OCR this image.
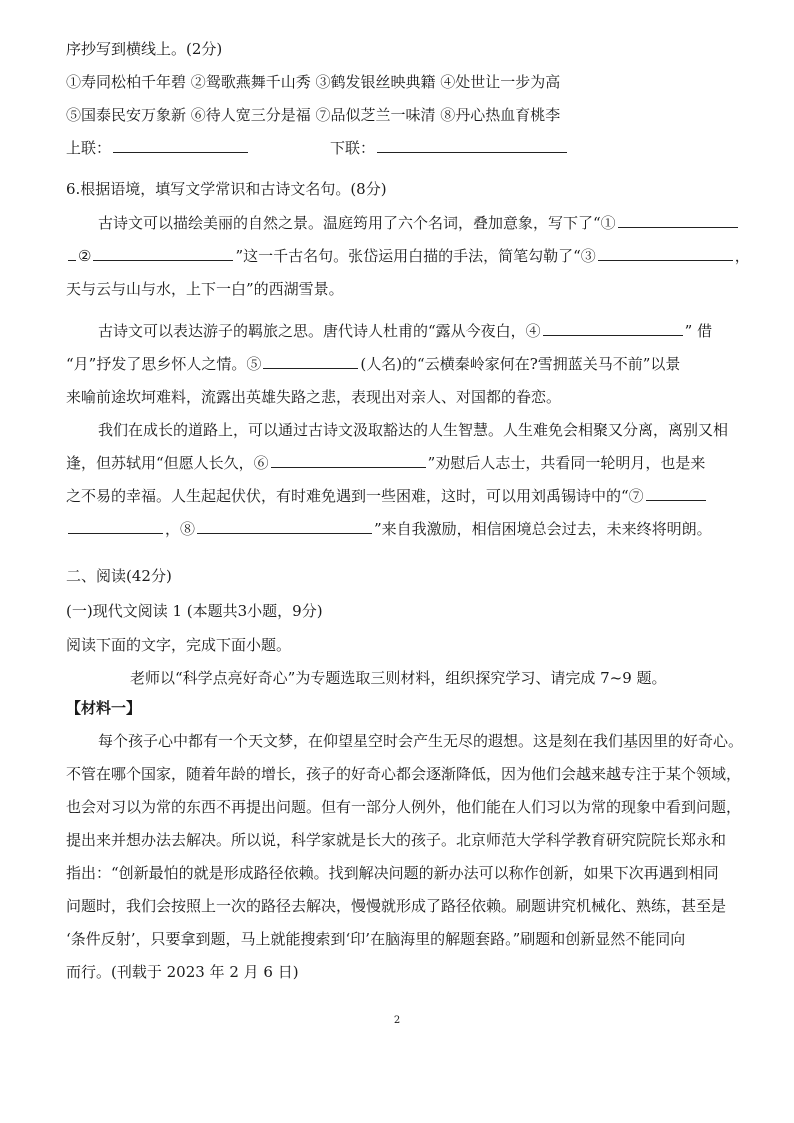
序抄写到横线上。(2分)
①寿同松柏千年碧 ②鸳歌燕舞千山秀 ③鹤发银丝映典籍 ④处世让一步为高
⑤国泰民安万象新 ⑥待人宽三分是福 ⑦品似芝兰一味清 ⑧丹心热血育桃李
上联：	下联：
6.根据语境，填写文学常识和古诗文名句。(8分)
古诗文可以描绘美丽的自然之景。温庭筠用了六个名词，叠加意象，写下了“①
②	”这一千古名句。张岱运用白描的手法，简笔勾勒了“③	，
天与云与山与水，上下一白”的西湖雪景。
古诗文可以表达游子的羁旅之思。唐代诗人杜甫的“露从今夜白，④	” 借
“月”抒发了思乡怀人之情。⑤	(人名)的“云横秦岭家何在?雪拥蓝关马不前”以景
来喻前途坎坷难料，流露出英雄失路之悲，表现出对亲人、对国都的眷恋。
我们在成长的道路上，可以通过古诗文汲取豁达的人生智慧。人生难免会相聚又分离，离别又相
逢，但苏轼用“但愿人长久，⑥	”劝慰后人志士，共看同一轮明月，也是来
之不易的幸福。人生起起伏伏，有时难免遇到一些困难，这时，可以用刘禹锡诗中的“⑦
，⑧	”来自我激励，相信困境总会过去，未来终将明朗。
二、阅读(42分)
(一)现代文阅读 1 (本题共3小题，9分)
阅读下面的文字，完成下面小题。
老师以“科学点亮好奇心”为专题选取三则材料，组织探究学习、请完成 7~9 题。
【材料一】
每个孩子心中都有一个天文梦，在仰望星空时会产生无尽的遐想。这是刻在我们基因里的好奇心。
不管在哪个国家，随着年龄的增长，孩子的好奇心都会逐渐降低，因为他们会越来越专注于某个领域，
也会对习以为常的东西不再提出问题。但有一部分人例外，他们能在人们习以为常的现象中看到问题，
提出来并想办法去解决。所以说，科学家就是长大的孩子。北京师范大学科学教育研究院院长郑永和
指出：“创新最怕的就是形成路径依赖。找到解决问题的新办法可以称作创新，如果下次再遇到相同
问题时，我们会按照上一次的路径去解决，慢慢就形成了路径依赖。刷题讲究机械化、熟练，甚至是
‘条件反射’，只要拿到题，马上就能搜索到‘印’在脑海里的解题套路。”刷题和创新显然不能同向
而行。(刊载于 2023 年 2 月 6 日)
2
